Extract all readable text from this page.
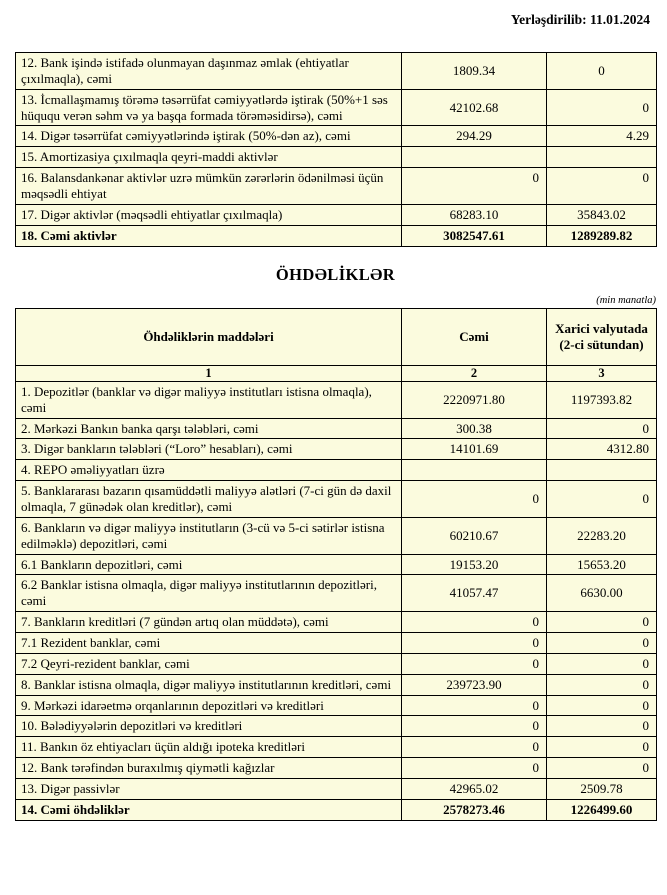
Yerləşdirilib: 11.01.2024
12. Bank işində istifadə olunmayan daşınmaz əmlak (ehtiyatlar çıxılmaqla), cəmi	1809.34	0
13. İcmallaşmamış törəmə təsərrüfat cəmiyyətlərdə iştirak (50%+1 səs hüququ verən səhm və ya başqa formada törəməsidirsə), cəmi	42102.68	0
14. Digər təsərrüfat cəmiyyətlərində iştirak (50%-dən az), cəmi	294.29	4.29
15. Amortizasiya çıxılmaqla qeyri-maddi aktivlər		
16. Balansdankənar aktivlər uzrə mümkün zərərlərin ödənilməsi üçün məqsədli ehtiyat	0	0
17. Digər aktivlər (məqsədli ehtiyatlar çıxılmaqla)	68283.10	35843.02
18. Cəmi aktivlər	3082547.61	1289289.82
ÖHDƏLİKLƏR
(min manatla)
Öhdəliklərin maddələri	Cəmi	Xarici valyutada (2-ci sütundan)
1	2	3
1. Depozitlər (banklar və digər maliyyə institutları istisna olmaqla), cəmi	2220971.80	1197393.82
2. Mərkəzi Bankın banka qarşı tələbləri, cəmi	300.38	0
3. Digər bankların tələbləri (“Loro” hesabları), cəmi	14101.69	4312.80
4. REPO əməliyyatları üzrə		
5. Banklararası bazarın qısamüddətli maliyyə alətləri (7-ci gün də daxil olmaqla, 7 günədək olan kreditlər), cəmi	0	0
6. Bankların və digər maliyyə institutların (3-cü və 5-ci sətirlər istisna edilməklə) depozitləri, cəmi	60210.67	22283.20
6.1 Bankların depozitləri, cəmi	19153.20	15653.20
6.2 Banklar istisna olmaqla, digər maliyyə institutlarının depozitləri, cəmi	41057.47	6630.00
7. Bankların kreditləri (7 gündən artıq olan müddətə), cəmi	0	0
7.1 Rezident banklar, cəmi	0	0
7.2 Qeyri-rezident banklar, cəmi	0	0
8. Banklar istisna olmaqla, digər maliyyə institutlarının kreditləri, cəmi	239723.90	0
9. Mərkəzi idarəetmə orqanlarının depozitləri və kreditləri	0	0
10. Bələdiyyələrin depozitləri və kreditləri	0	0
11. Bankın öz ehtiyacları üçün aldığı ipoteka kreditləri	0	0
12. Bank tərəfindən buraxılmış qiymətli kağızlar	0	0
13. Digər passivlər	42965.02	2509.78
14. Cəmi öhdəliklər	2578273.46	1226499.60
